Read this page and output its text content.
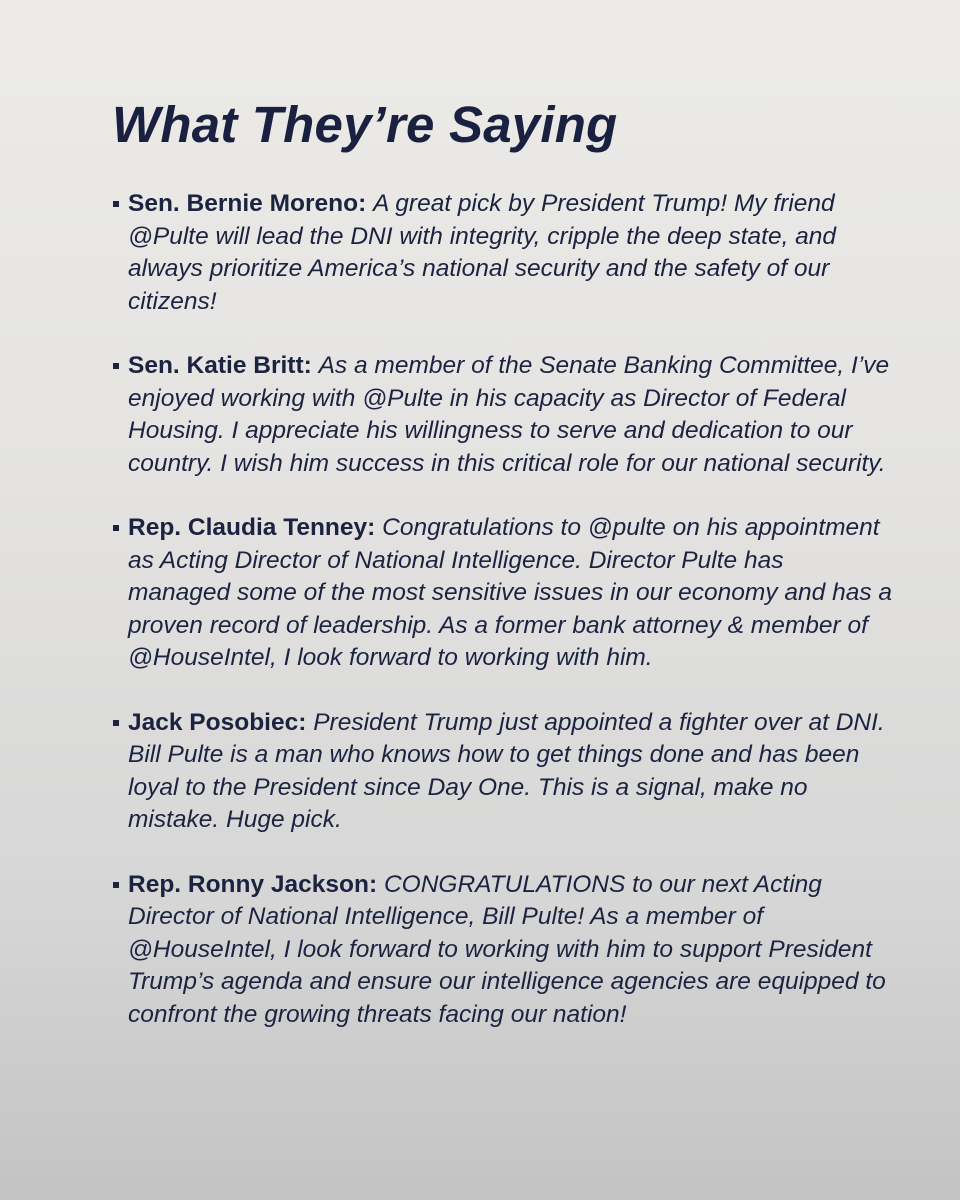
What They’re Saying
Sen. Bernie Moreno: A great pick by President Trump! My friend @Pulte will lead the DNI with integrity, cripple the deep state, and always prioritize America’s national security and the safety of our citizens!
Sen. Katie Britt: As a member of the Senate Banking Committee, I’ve enjoyed working with @Pulte in his capacity as Director of Federal Housing. I appreciate his willingness to serve and dedication to our country. I wish him success in this critical role for our national security.
Rep. Claudia Tenney: Congratulations to @pulte on his appointment as Acting Director of National Intelligence. Director Pulte has managed some of the most sensitive issues in our economy and has a proven record of leadership. As a former bank attorney & member of @HouseIntel, I look forward to working with him.
Jack Posobiec: President Trump just appointed a fighter over at DNI. Bill Pulte is a man who knows how to get things done and has been loyal to the President since Day One. This is a signal, make no mistake. Huge pick.
Rep. Ronny Jackson: CONGRATULATIONS to our next Acting Director of National Intelligence, Bill Pulte! As a member of @HouseIntel, I look forward to working with him to support President Trump’s agenda and ensure our intelligence agencies are equipped to confront the growing threats facing our nation!
